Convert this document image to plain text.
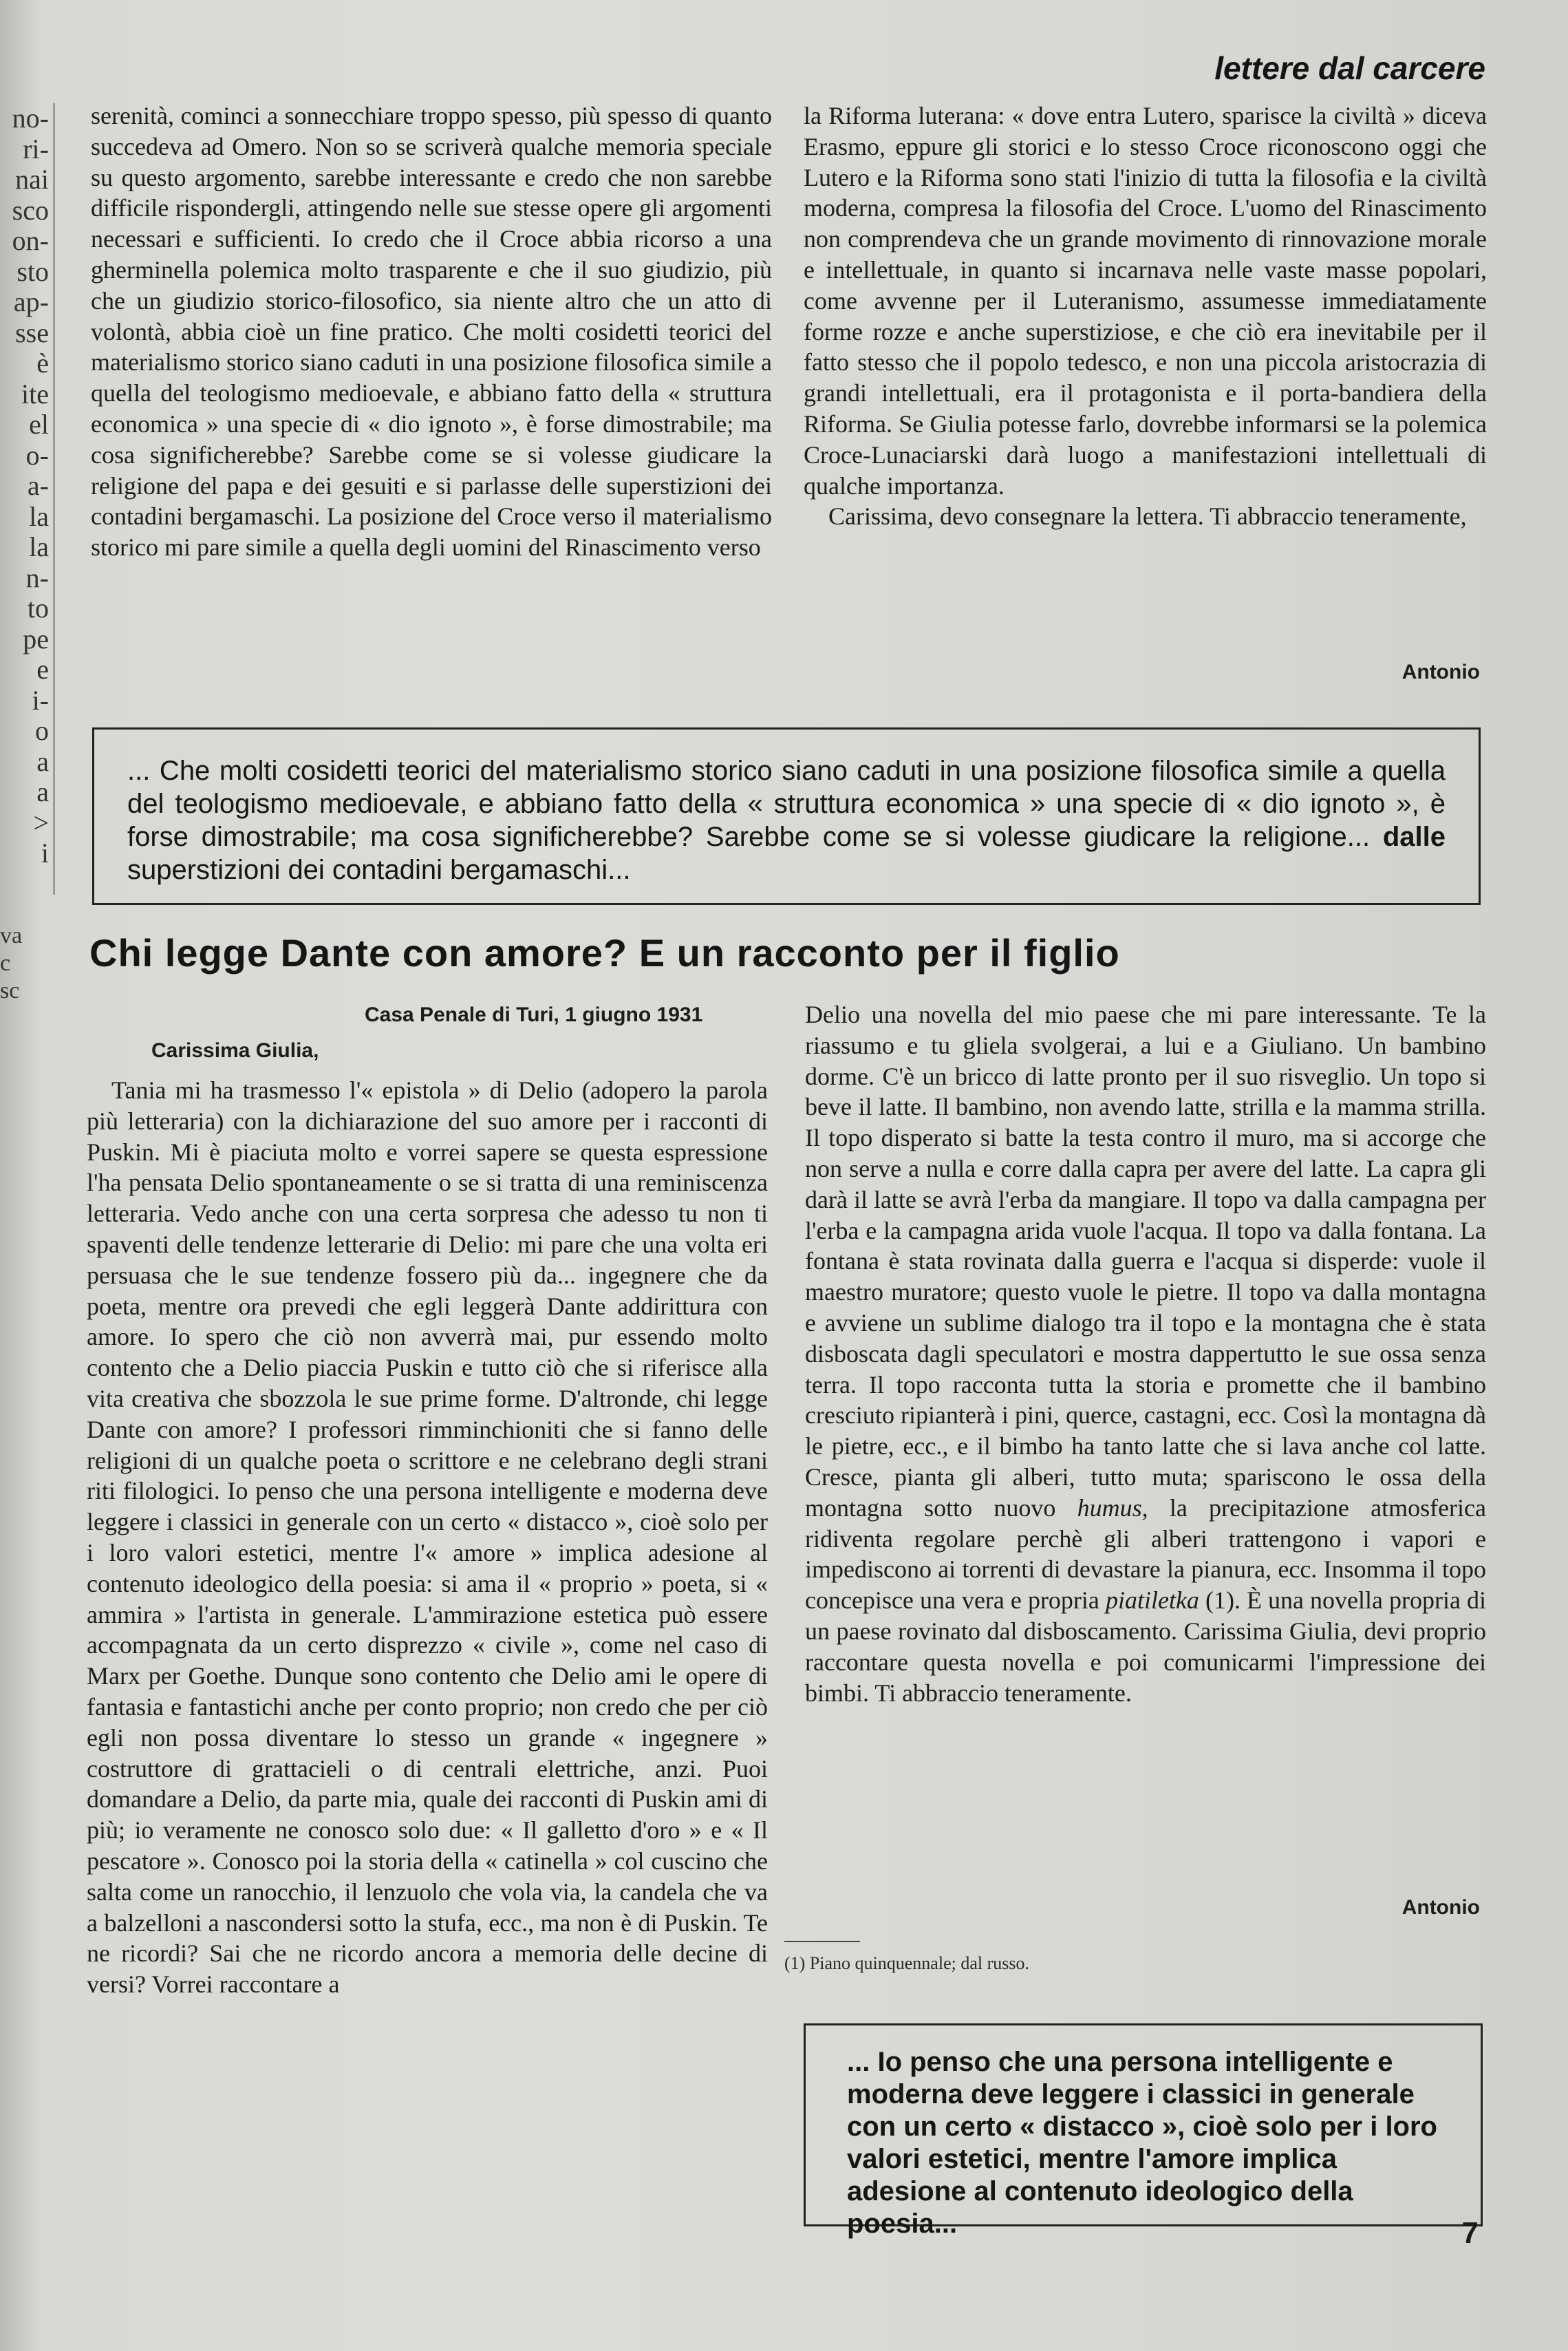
no-
ri-
nai
sco
on-
sto
ap-
sse
è
ite
el
o-
a-
la
la
n-
to
pe
e
i-
o
a
a
>
i
va
c
sc
lettere dal carcere

serenità, cominci a sonnecchiare troppo spesso, più spesso di quanto succedeva ad Omero. Non so se scriverà qualche memoria speciale su questo argomento, sarebbe interessante e credo che non sarebbe difficile rispondergli, attingendo nelle sue stesse opere gli argomenti necessari e sufficienti. Io credo che il Croce abbia ricorso a una gherminella polemica molto trasparente e che il suo giudizio, più che un giudizio storico-filosofico, sia niente altro che un atto di volontà, abbia cioè un fine pratico. Che molti cosidetti teorici del materialismo storico siano caduti in una posizione filosofica simile a quella del teologismo medioevale, e abbiano fatto della « struttura economica » una specie di « dio ignoto », è forse dimostrabile; ma cosa significherebbe? Sarebbe come se si volesse giudicare la religione del papa e dei gesuiti e si parlasse delle superstizioni dei contadini bergamaschi. La posizione del Croce verso il materialismo storico mi pare simile a quella degli uomini del Rinascimento verso

la Riforma luterana: « dove entra Lutero, sparisce la civiltà » diceva Erasmo, eppure gli storici e lo stesso Croce riconoscono oggi che Lutero e la Riforma sono stati l'inizio di tutta la filosofia e la civiltà moderna, compresa la filosofia del Croce. L'uomo del Rinascimento non comprendeva che un grande movimento di rinnovazione morale e intellettuale, in quanto si incarnava nelle vaste masse popolari, come avvenne per il Luteranismo, assumesse immediatamente forme rozze e anche superstiziose, e che ciò era inevitabile per il fatto stesso che il popolo tedesco, e non una piccola aristocrazia di grandi intellettuali, era il protagonista e il porta-bandiera della Riforma. Se Giulia potesse farlo, dovrebbe informarsi se la polemica Croce-Lunaciarski darà luogo a manifestazioni intellettuali di qualche importanza.

Carissima, devo consegnare la lettera. Ti abbraccio teneramente,

Antonio
... Che molti cosidetti teorici del materialismo storico siano caduti in una posizione filosofica simile a quella del teologismo medioevale, e abbiano fatto della « struttura economica » una specie di « dio ignoto », è forse dimostrabile; ma cosa significherebbe? Sarebbe come se si volesse giudicare la religione... dalle superstizioni dei contadini bergamaschi...
Chi legge Dante con amore? E un racconto per il figlio
Casa Penale di Turi, 1 giugno 1931
Carissima Giulia,

Tania mi ha trasmesso l'« epistola » di Delio (adopero la parola più letteraria) con la dichiarazione del suo amore per i racconti di Puskin. Mi è piaciuta molto e vorrei sapere se questa espressione l'ha pensata Delio spontaneamente o se si tratta di una reminiscenza letteraria. Vedo anche con una certa sorpresa che adesso tu non ti spaventi delle tendenze letterarie di Delio: mi pare che una volta eri persuasa che le sue tendenze fossero più da... ingegnere che da poeta, mentre ora prevedi che egli leggerà Dante addirittura con amore. Io spero che ciò non avverrà mai, pur essendo molto contento che a Delio piaccia Puskin e tutto ciò che si riferisce alla vita creativa che sbozzola le sue prime forme. D'altronde, chi legge Dante con amore? I professori rimminchioniti che si fanno delle religioni di un qualche poeta o scrittore e ne celebrano degli strani riti filologici. Io penso che una persona intelligente e moderna deve leggere i classici in generale con un certo « distacco », cioè solo per i loro valori estetici, mentre l'« amore » implica adesione al contenuto ideologico della poesia: si ama il « proprio » poeta, si « ammira » l'artista in generale. L'ammirazione estetica può essere accompagnata da un certo disprezzo « civile », come nel caso di Marx per Goethe. Dunque sono contento che Delio ami le opere di fantasia e fantastichi anche per conto proprio; non credo che per ciò egli non possa diventare lo stesso un grande « ingegnere » costruttore di grattacieli o di centrali elettriche, anzi. Puoi domandare a Delio, da parte mia, quale dei racconti di Puskin ami di più; io veramente ne conosco solo due: « Il galletto d'oro » e « Il pescatore ». Conosco poi la storia della « catinella » col cuscino che salta come un ranocchio, il lenzuolo che vola via, la candela che va a balzelloni a nascondersi sotto la stufa, ecc., ma non è di Puskin. Te ne ricordi? Sai che ne ricordo ancora a memoria delle decine di versi? Vorrei raccontare a

Delio una novella del mio paese che mi pare interessante. Te la riassumo e tu gliela svolgerai, a lui e a Giuliano. Un bambino dorme. C'è un bricco di latte pronto per il suo risveglio. Un topo si beve il latte. Il bambino, non avendo latte, strilla e la mamma strilla. Il topo disperato si batte la testa contro il muro, ma si accorge che non serve a nulla e corre dalla capra per avere del latte. La capra gli darà il latte se avrà l'erba da mangiare. Il topo va dalla campagna per l'erba e la campagna arida vuole l'acqua. Il topo va dalla fontana. La fontana è stata rovinata dalla guerra e l'acqua si disperde: vuole il maestro muratore; questo vuole le pietre. Il topo va dalla montagna e avviene un sublime dialogo tra il topo e la montagna che è stata disboscata dagli speculatori e mostra dappertutto le sue ossa senza terra. Il topo racconta tutta la storia e promette che il bambino cresciuto ripianterà i pini, querce, castagni, ecc. Così la montagna dà le pietre, ecc., e il bimbo ha tanto latte che si lava anche col latte. Cresce, pianta gli alberi, tutto muta; spariscono le ossa della montagna sotto nuovo humus, la precipitazione atmosferica ridiventa regolare perchè gli alberi trattengono i vapori e impediscono ai torrenti di devastare la pianura, ecc. Insomma il topo concepisce una vera e propria piatiletka (1). È una novella propria di un paese rovinato dal disboscamento. Carissima Giulia, devi proprio raccontare questa novella e poi comunicarmi l'impressione dei bimbi. Ti abbraccio teneramente.

Antonio
(1) Piano quinquennale; dal russo.
... Io penso che una persona intelligente e moderna deve leggere i classici in generale con un certo « distacco », cioè solo per i loro valori estetici, mentre l'amore implica adesione al contenuto ideologico della poesia...	7
